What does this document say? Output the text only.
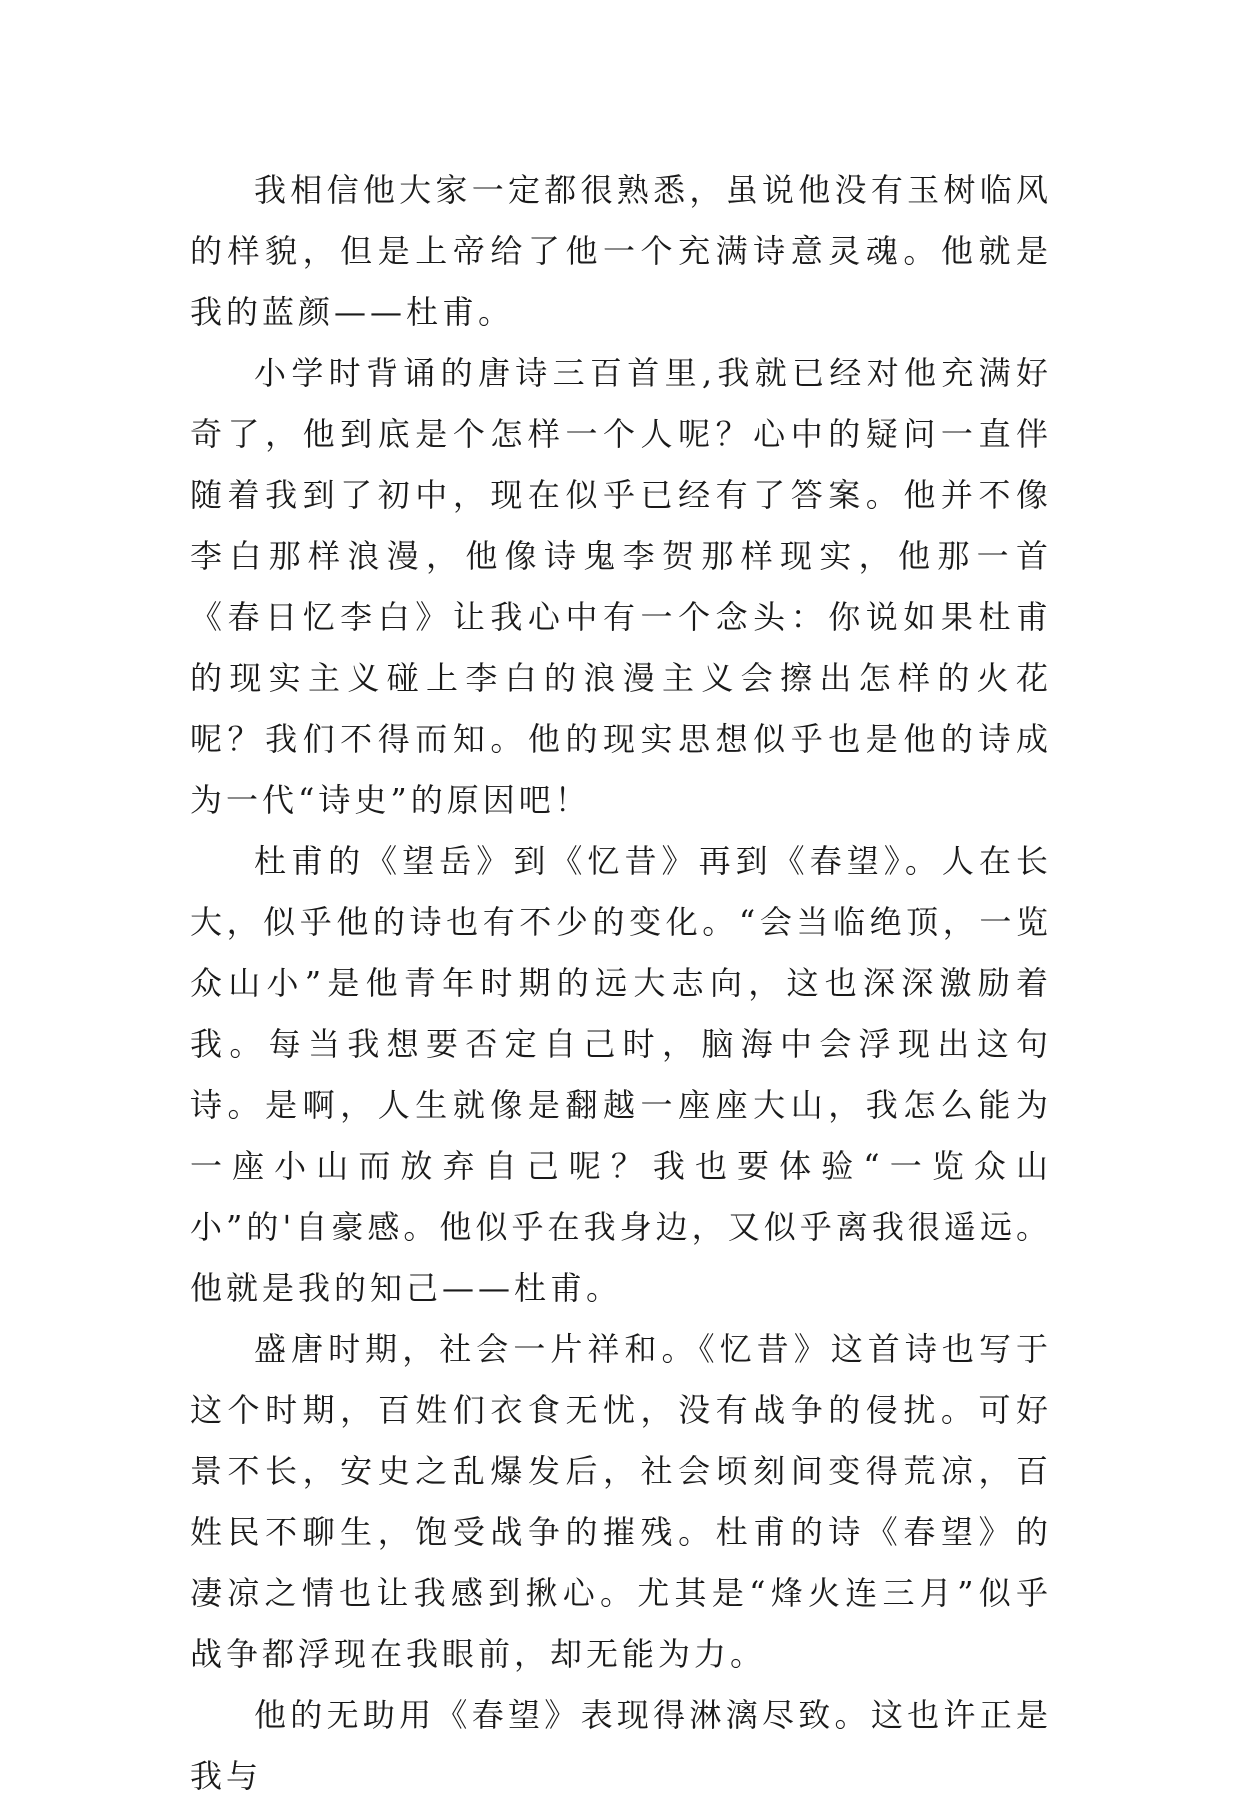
我相信他大家一定都很熟悉，虽说他没有玉树临风的样貌，但是上帝给了他一个充满诗意灵魂。他就是我的蓝颜——杜甫。

小学时背诵的唐诗三百首里,我就已经对他充满好奇了，他到底是个怎样一个人呢？心中的疑问一直伴随着我到了初中，现在似乎已经有了答案。他并不像李白那样浪漫，他像诗鬼李贺那样现实，他那一首《春日忆李白》让我心中有一个念头：你说如果杜甫的现实主义碰上李白的浪漫主义会擦出怎样的火花呢？我们不得而知。他的现实思想似乎也是他的诗成为一代“诗史”的原因吧！

杜甫的《望岳》到《忆昔》再到《春望》。人在长大，似乎他的诗也有不少的变化。“会当临绝顶，一览众山小”是他青年时期的远大志向，这也深深激励着我。每当我想要否定自己时，脑海中会浮现出这句诗。是啊，人生就像是翻越一座座大山，我怎么能为一座小山而放弃自己呢？我也要体验“一览众山小”的'自豪感。他似乎在我身边，又似乎离我很遥远。他就是我的知己——杜甫。

盛唐时期，社会一片祥和。《忆昔》这首诗也写于这个时期，百姓们衣食无忧，没有战争的侵扰。可好景不长，安史之乱爆发后，社会顷刻间变得荒凉，百姓民不聊生，饱受战争的摧残。杜甫的诗《春望》的凄凉之情也让我感到揪心。尤其是“烽火连三月”似乎战争都浮现在我眼前，却无能为力。

他的无助用《春望》表现得淋漓尽致。这也许正是我与
